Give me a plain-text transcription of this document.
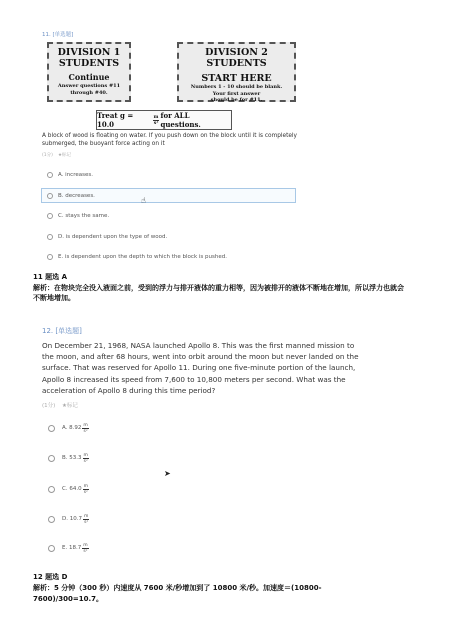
11. [单选题]
DIVISION 1
STUDENTS
Continue
Answer questions #11
through #40.
DIVISION 2 STUDENTS
START HERE
Numbers 1 - 10 should be blank.
Your first answer
should be for #11.
Treat g = 10.0	$\frac{m}{\text{s²}}$ for ALL questions.
A block of wood is floating on water. If you push down on the block until it is completely submerged, the buoyant force acting on it
(1分) ★标记
A. increases.
B. decreases.
C. stays the same.
D. is dependent upon the type of wood.
E. is dependent upon the depth to which the block is pushed.
☝
11 题选 A
解析：在物块完全没入液面之前，受到的浮力与排开液体的重力相等，因为被排开的液体不断地在增加，所以浮力也就会不断地增加。
12. [单选题]
On December 21, 1968, NASA launched Apollo 8. This was the first manned mission to the moon, and after 68 hours, went into orbit around the moon but never landed on the surface. That was reserved for Apollo 11. During one five-minute portion of the launch, Apollo 8 increased its speed from 7,600 to 10,800 meters per second. What was the acceleration of Apollo 8 during this time period?
(1分) ★标记
A. $8.92 \frac{m}{\text{s²}}$
B. $53.3 \frac{m}{\text{s²}}$
C. $64.0 \frac{m}{\text{s²}}$
D. $10.7 \frac{m}{\text{s²}}$
E. $18.7 \frac{m}{\text{s²}}$
➤
12 题选 D
解析：5 分钟（300 秒）内速度从 7600 米/秒增加到了 10800 米/秒。加速度＝(10800-
7600)/300=10.7。
